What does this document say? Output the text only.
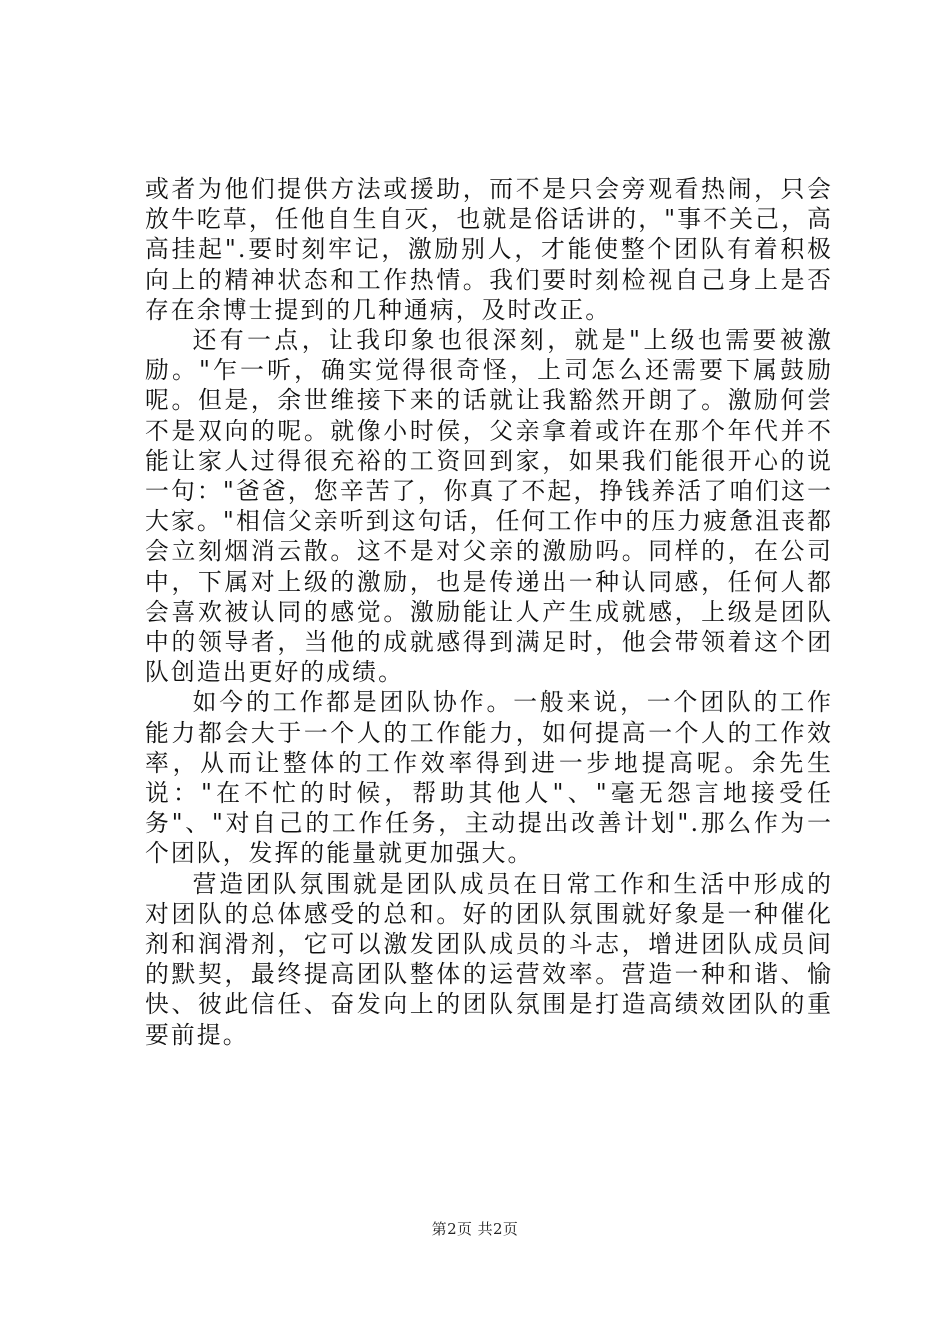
或者为他们提供方法或援助，而不是只会旁观看热闹，只会放牛吃草，任他自生自灭，也就是俗话讲的，"事不关己，高高挂起".要时刻牢记，激励别人，才能使整个团队有着积极向上的精神状态和工作热情。我们要时刻检视自己身上是否存在余博士提到的几种通病，及时改正。

还有一点，让我印象也很深刻，就是"上级也需要被激励。"乍一听，确实觉得很奇怪，上司怎么还需要下属鼓励呢。但是，余世维接下来的话就让我豁然开朗了。激励何尝不是双向的呢。就像小时侯，父亲拿着或许在那个年代并不能让家人过得很充裕的工资回到家，如果我们能很开心的说一句："爸爸，您辛苦了，你真了不起，挣钱养活了咱们这一大家。"相信父亲听到这句话，任何工作中的压力疲惫沮丧都会立刻烟消云散。这不是对父亲的激励吗。同样的，在公司中，下属对上级的激励，也是传递出一种认同感，任何人都会喜欢被认同的感觉。激励能让人产生成就感，上级是团队中的领导者，当他的成就感得到满足时，他会带领着这个团队创造出更好的成绩。

如今的工作都是团队协作。一般来说，一个团队的工作能力都会大于一个人的工作能力，如何提高一个人的工作效率，从而让整体的工作效率得到进一步地提高呢。余先生说："在不忙的时候，帮助其他人"、"毫无怨言地接受任务"、"对自己的工作任务，主动提出改善计划".那么作为一个团队，发挥的能量就更加强大。

营造团队氛围就是团队成员在日常工作和生活中形成的对团队的总体感受的总和。好的团队氛围就好象是一种催化剂和润滑剂，它可以激发团队成员的斗志，增进团队成员间的默契，最终提高团队整体的运营效率。营造一种和谐、愉快、彼此信任、奋发向上的团队氛围是打造高绩效团队的重要前提。

第2页 共2页
